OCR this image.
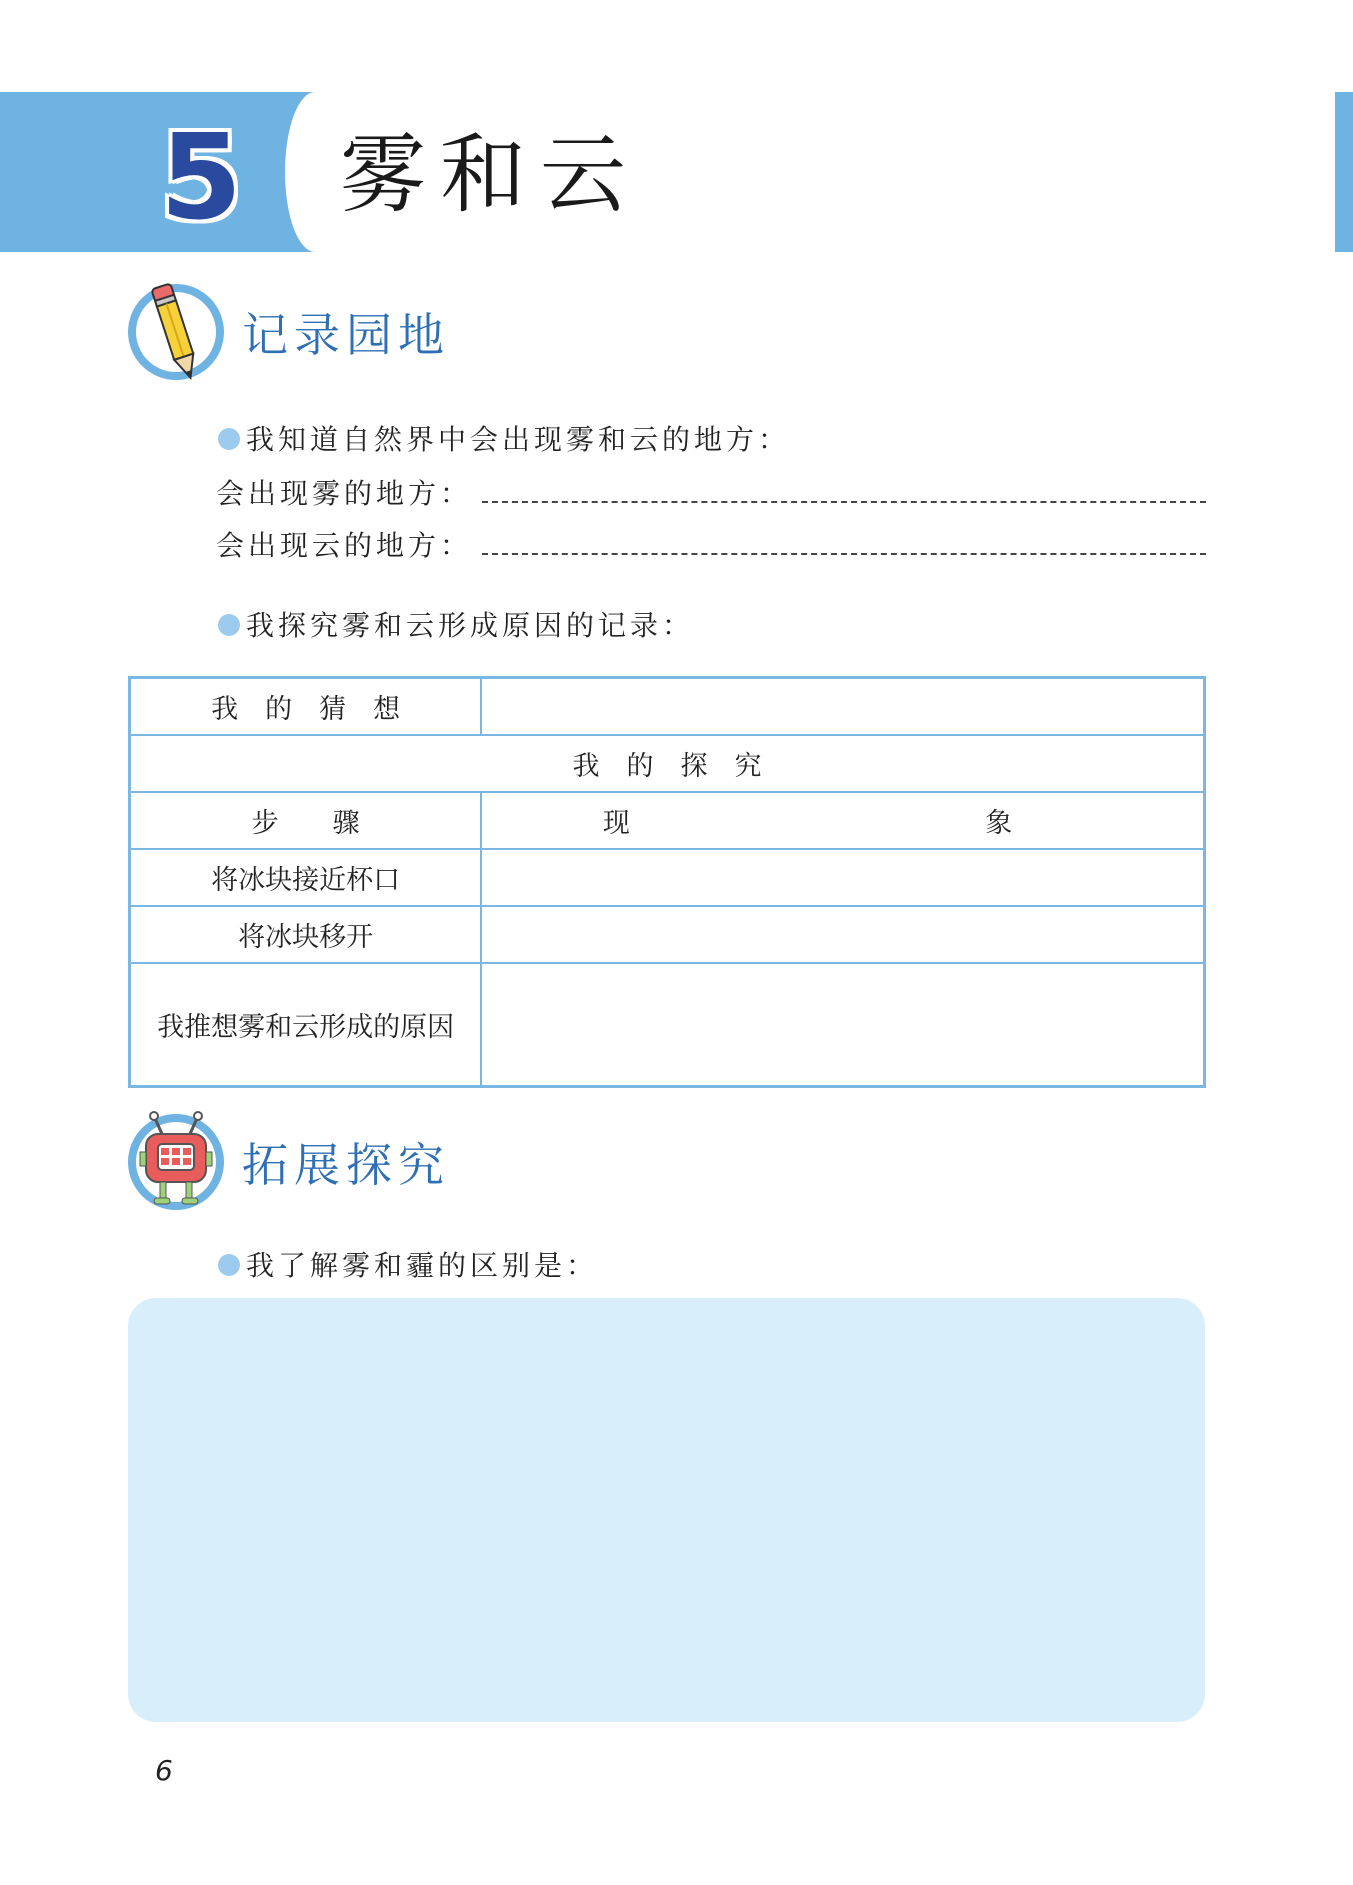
5 雾和云
记录园地
我知道自然界中会出现雾和云的地方：
会出现雾的地方：
会出现云的地方：
我探究雾和云形成原因的记录：
我　的　猜　想		
我　的　探　究		
步　　骤	现	象
将冰块接近杯口		
将冰块移开		
我推想雾和云形成的原因		
拓展探究
我了解雾和霾的区别是：
6
